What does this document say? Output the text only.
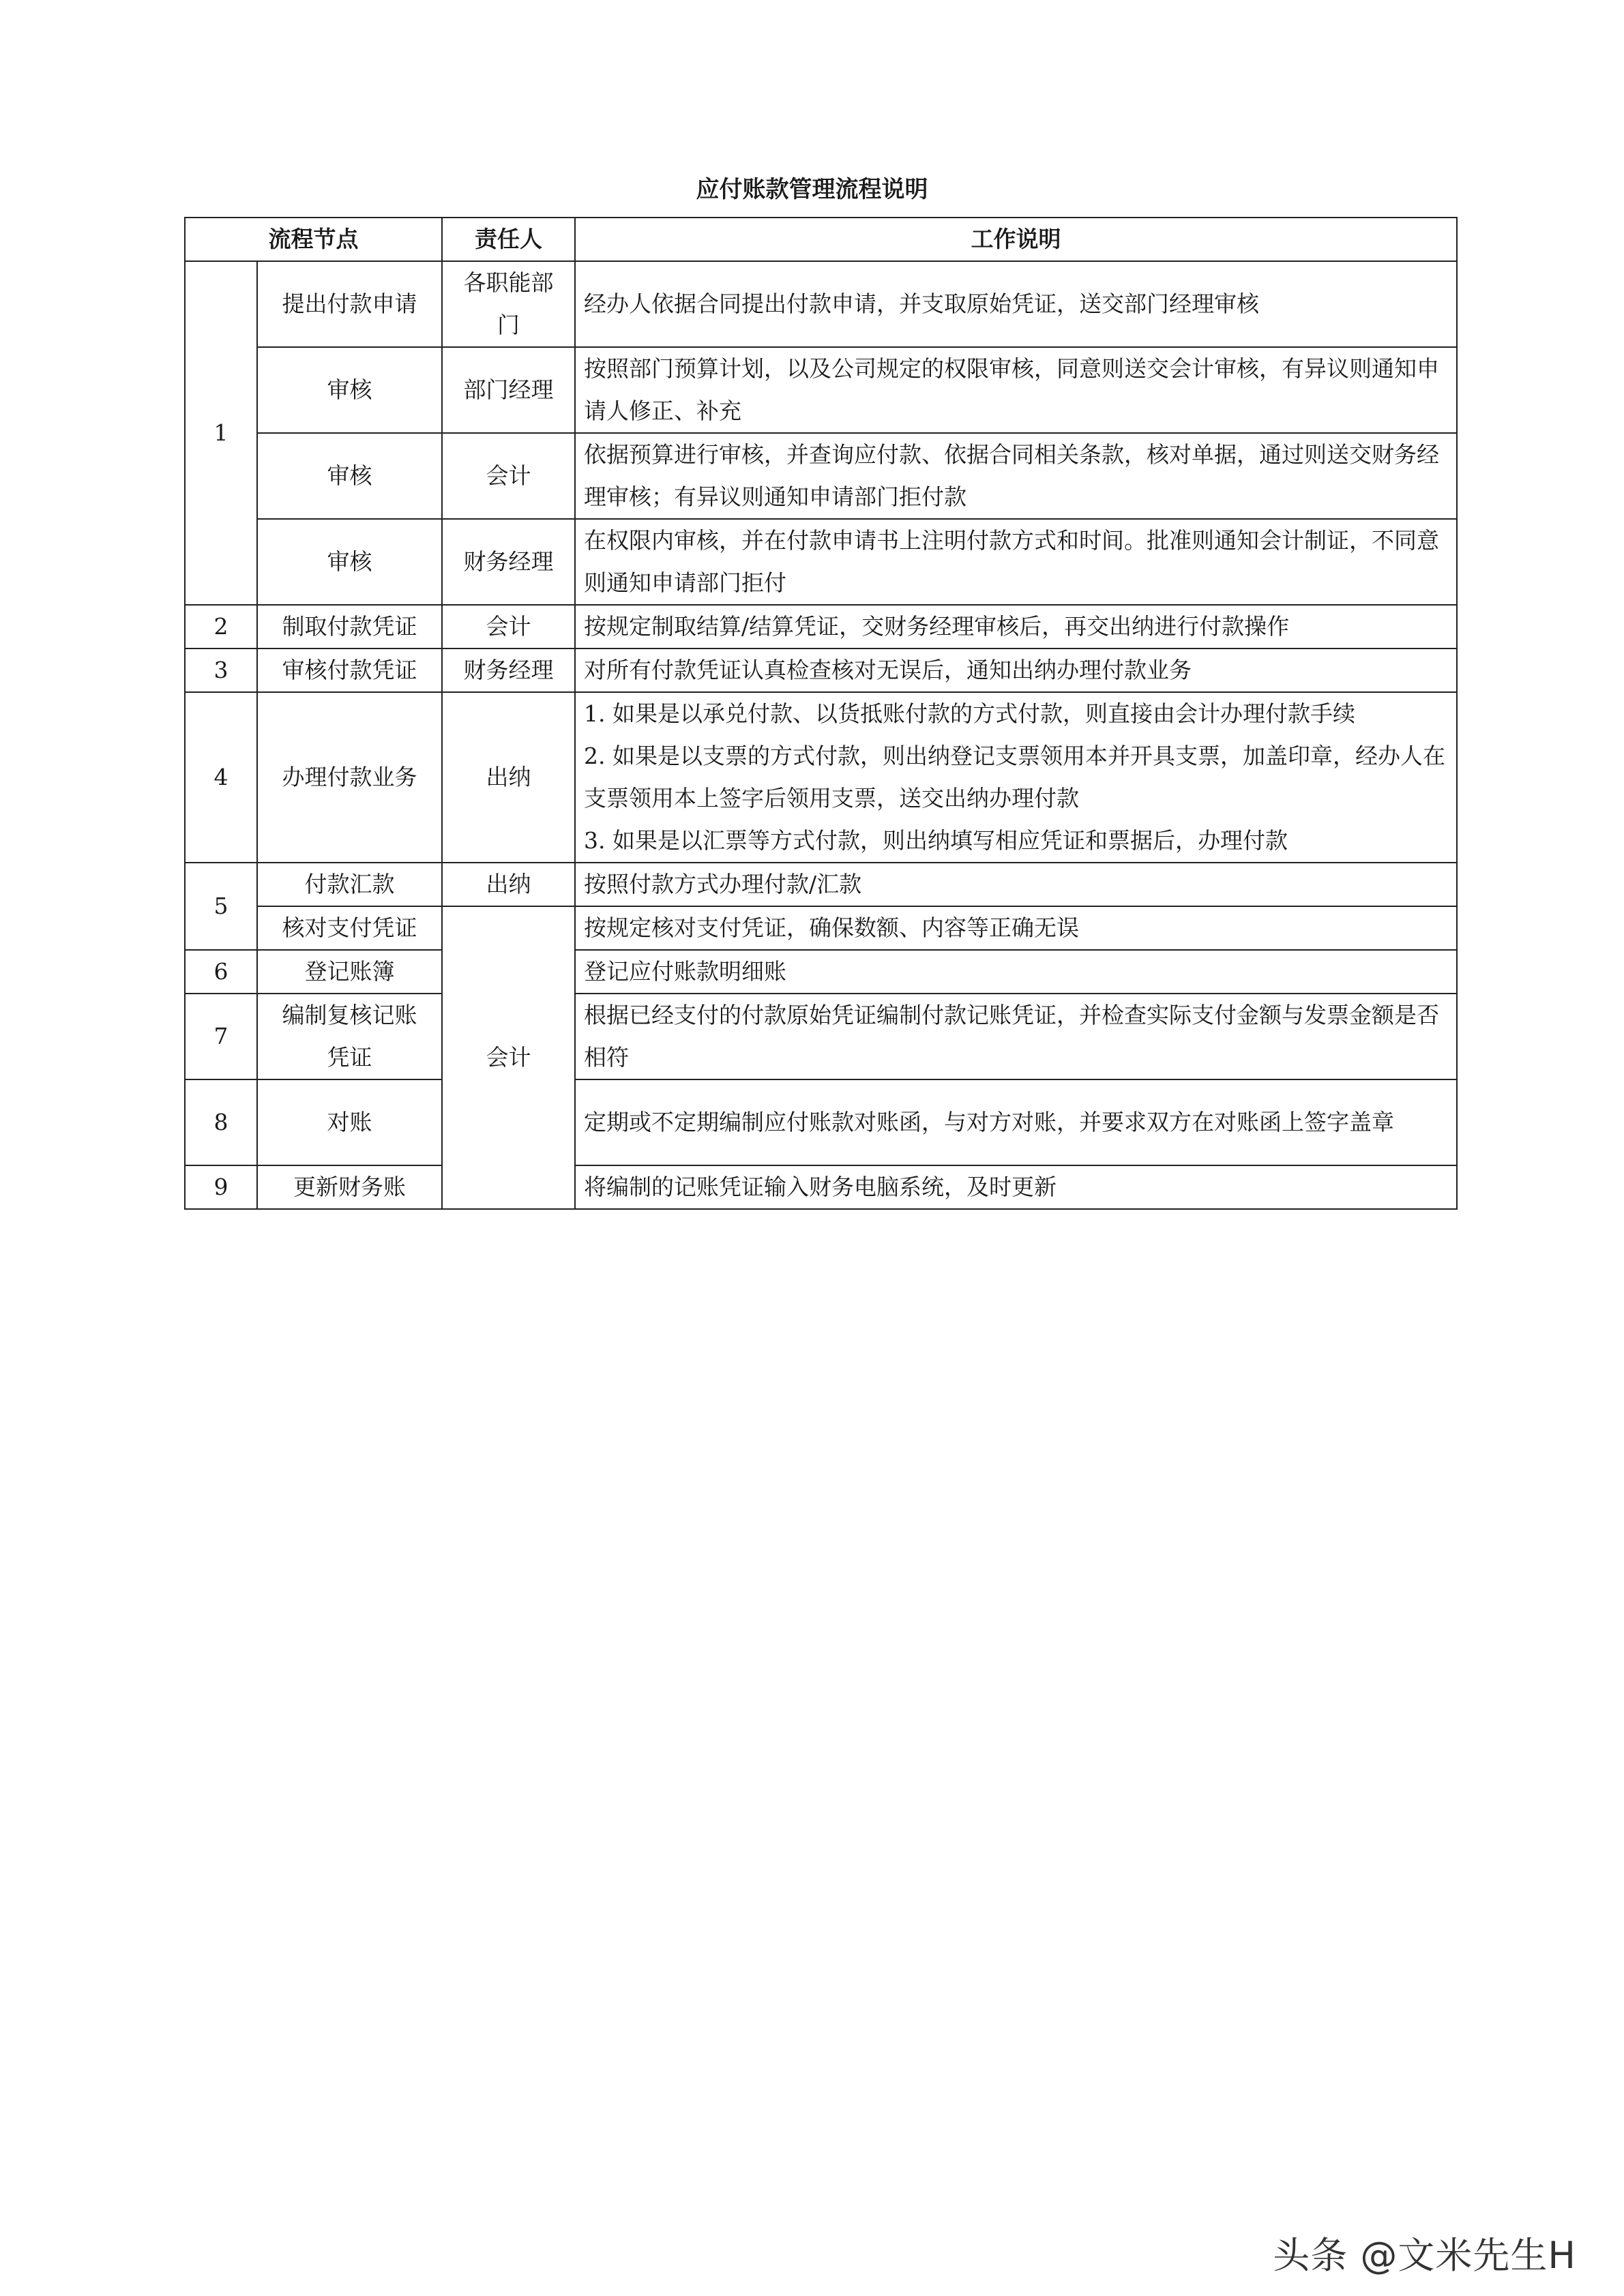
应付账款管理流程说明
流程节点		责任人	工作说明
1	提出付款申请	各职能部门	经办人依据合同提出付款申请，并支取原始凭证，送交部门经理审核
	审核	部门经理	按照部门预算计划，以及公司规定的权限审核，同意则送交会计审核，有异议则通知申请人修正、补充
	审核	会计	依据预算进行审核，并查询应付款、依据合同相关条款，核对单据，通过则送交财务经理审核；有异议则通知申请部门拒付款
	审核	财务经理	在权限内审核，并在付款申请书上注明付款方式和时间。批准则通知会计制证，不同意则通知申请部门拒付
2	制取付款凭证	会计	按规定制取结算/结算凭证，交财务经理审核后，再交出纳进行付款操作
3	审核付款凭证	财务经理	对所有付款凭证认真检查核对无误后，通知出纳办理付款业务
4	办理付款业务	出纳	1. 如果是以承兑付款、以货抵账付款的方式付款，则直接由会计办理付款手续
2. 如果是以支票的方式付款，则出纳登记支票领用本并开具支票，加盖印章，经办人在支票领用本上签字后领用支票，送交出纳办理付款
3. 如果是以汇票等方式付款，则出纳填写相应凭证和票据后，办理付款

5	付款汇款	出纳	按照付款方式办理付款/汇款
	核对支付凭证	会计	按规定核对支付凭证，确保数额、内容等正确无误
6	登记账簿		登记应付账款明细账
7	编制复核记账凭证		根据已经支付的付款原始凭证编制付款记账凭证，并检查实际支付金额与发票金额是否相符
8	对账		定期或不定期编制应付账款对账函，与对方对账，并要求双方在对账函上签字盖章
9	更新财务账		将编制的记账凭证输入财务电脑系统，及时更新
头条 @文米先生H
